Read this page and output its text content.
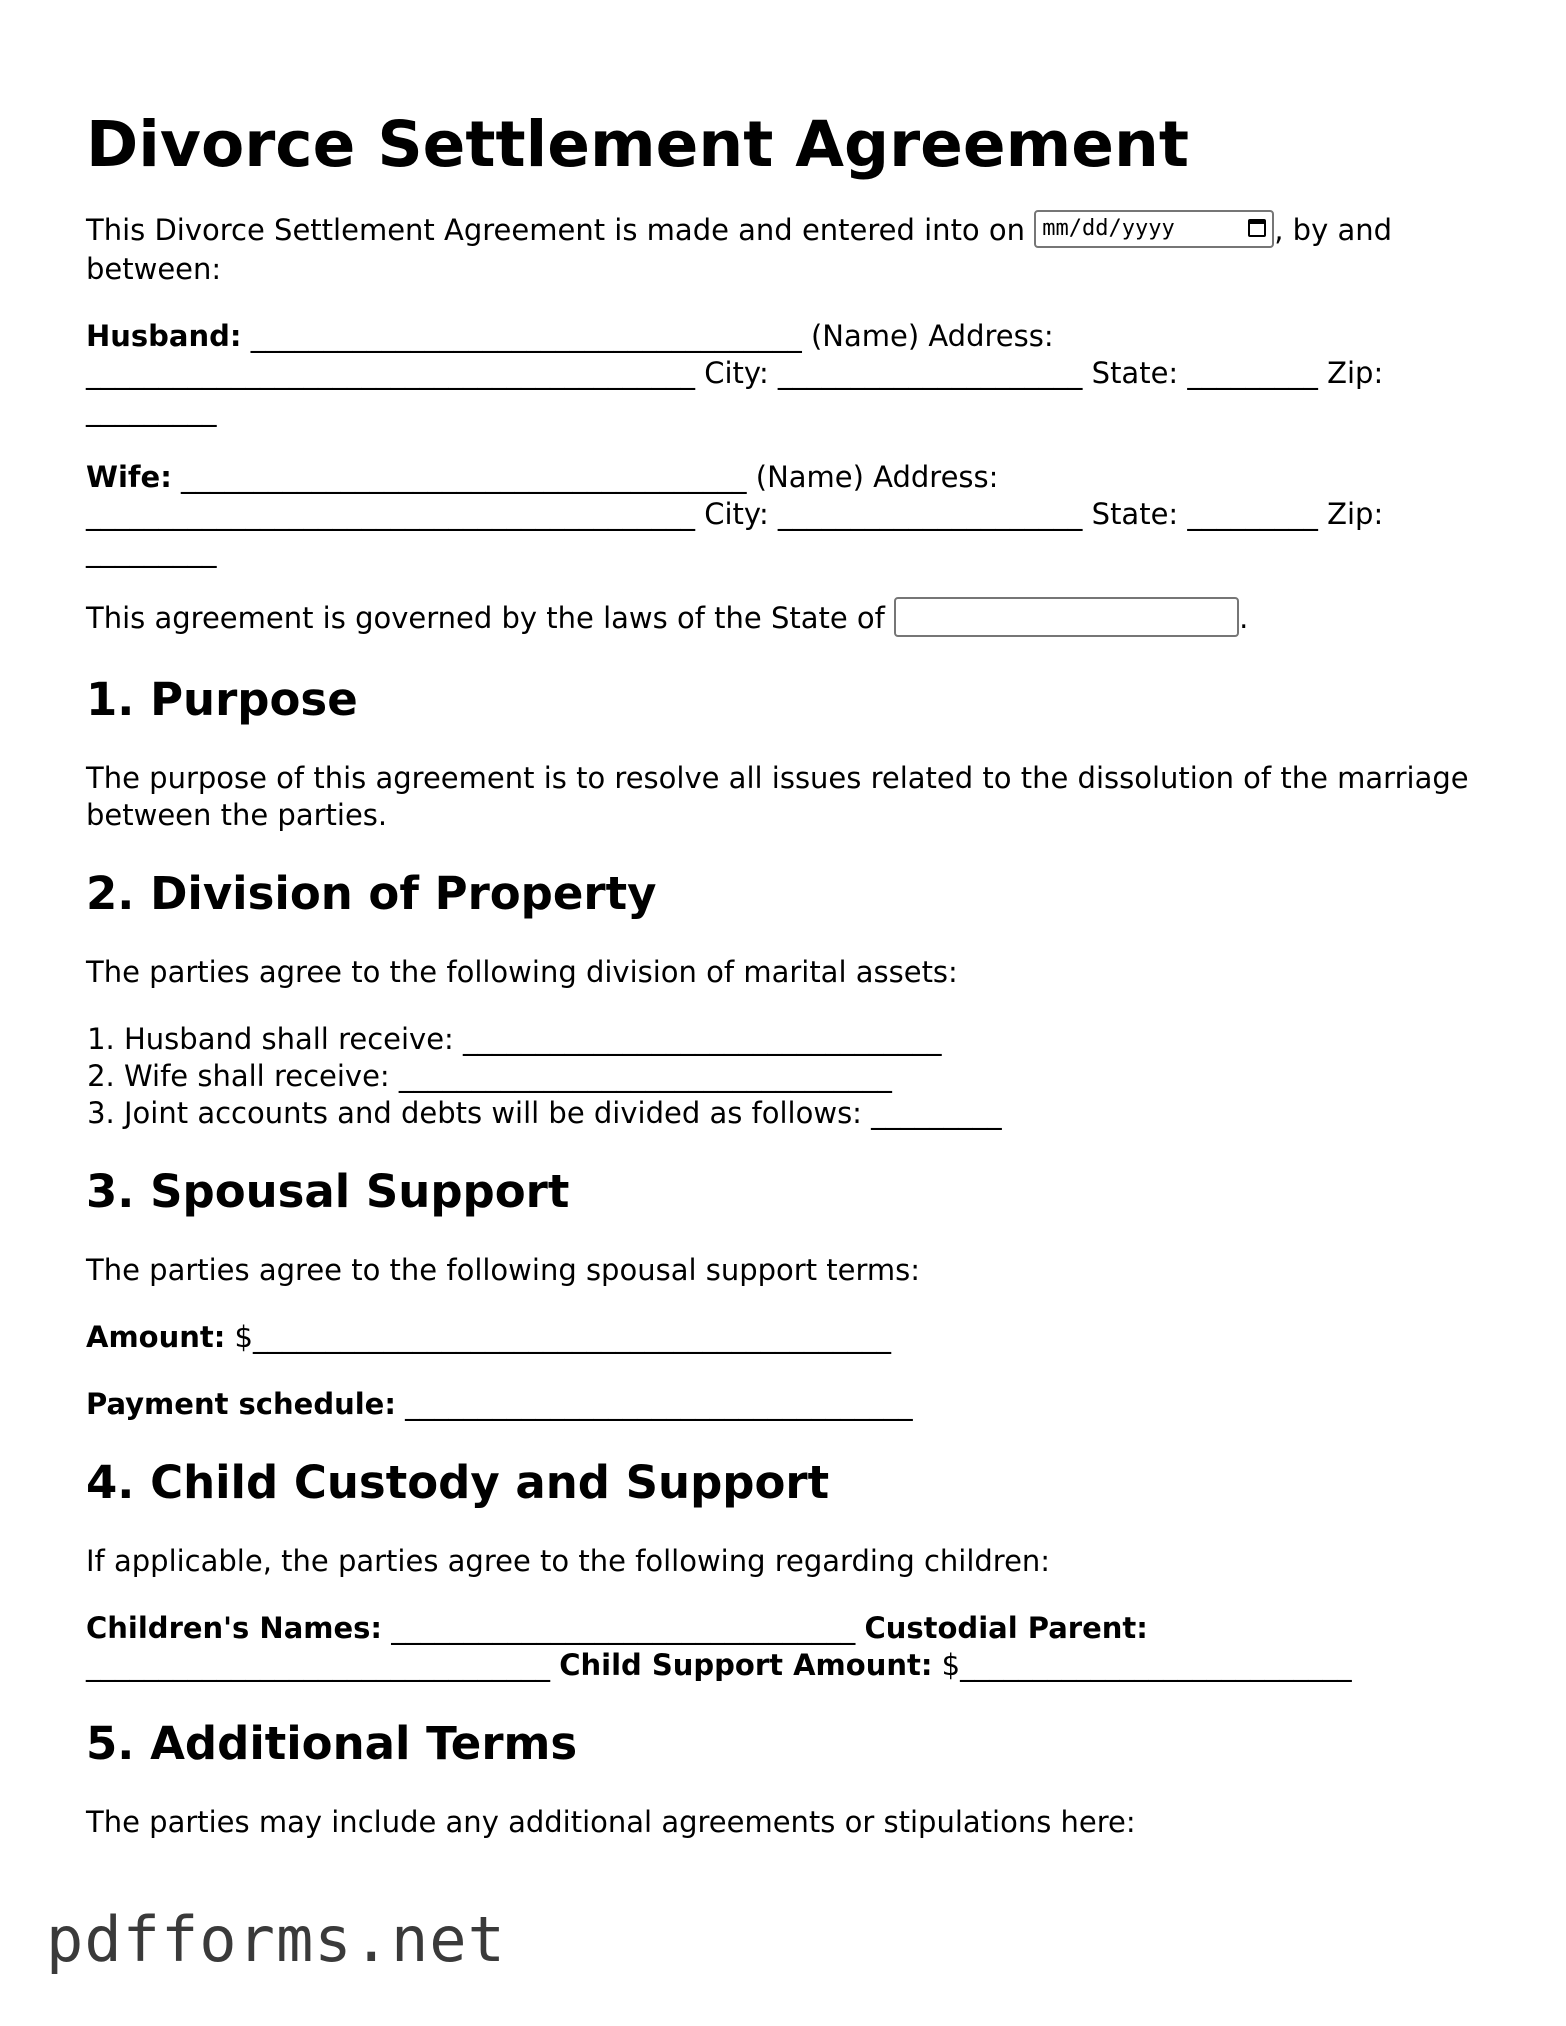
Divorce Settlement Agreement

This Divorce Settlement Agreement is made and entered into on mm/dd/yyyy	, by and between:

Husband: ______________________________________ (Name) Address: __________________________________________ City: _____________________ State: _________ Zip: _________

Wife: _______________________________________ (Name) Address: __________________________________________ City: _____________________ State: _________ Zip: _________

This agreement is governed by the laws of the State of	.

1. Purpose

The purpose of this agreement is to resolve all issues related to the dissolution of the marriage between the parties.

2. Division of Property

The parties agree to the following division of marital assets:

1. Husband shall receive: _________________________________
2. Wife shall receive: __________________________________
3. Joint accounts and debts will be divided as follows: _________
3. Spousal Support

The parties agree to the following spousal support terms:

Amount: $____________________________________________

Payment schedule: ___________________________________

4. Child Custody and Support

If applicable, the parties agree to the following regarding children:

Children's Names: ________________________________ Custodial Parent: ________________________________ Child Support Amount: $___________________________

5. Additional Terms

The parties may include any additional agreements or stipulations here:

pdfforms.net
